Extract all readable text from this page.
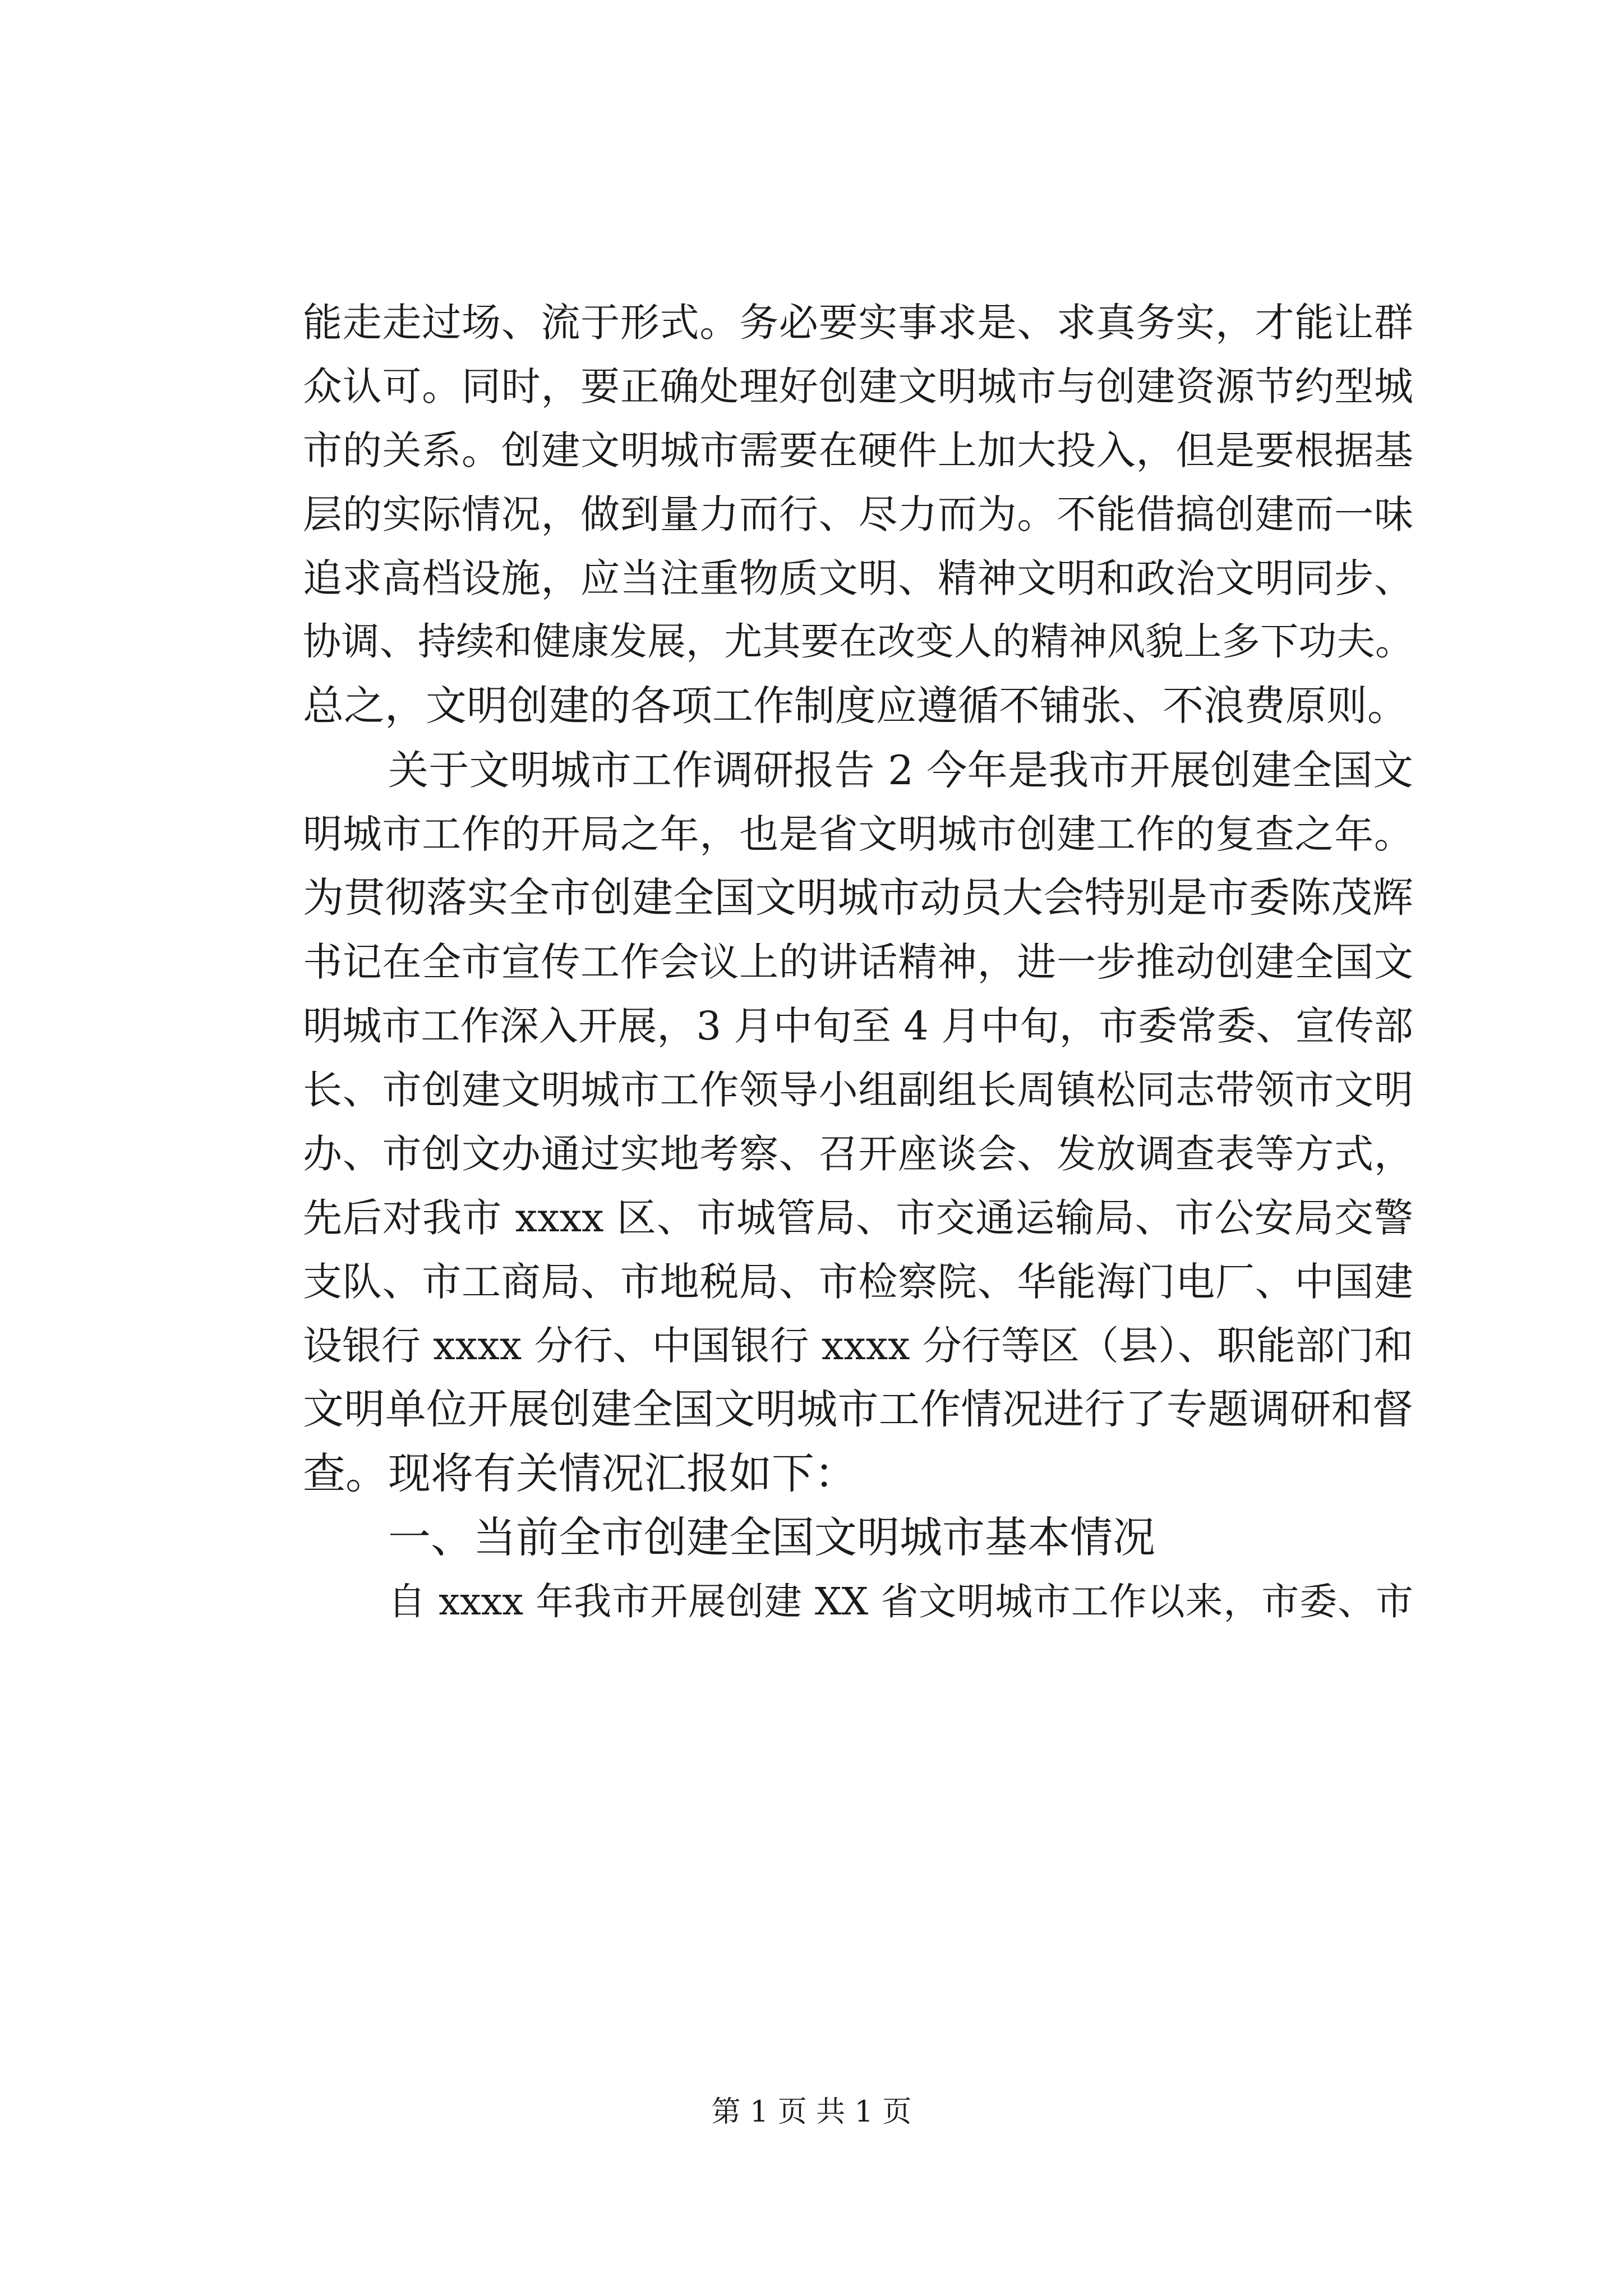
能走走过场、流于形式。务必要实事求是、求真务实，才能让群
众认可。同时，要正确处理好创建文明城市与创建资源节约型城
市的关系。创建文明城市需要在硬件上加大投入，但是要根据基
层的实际情况，做到量力而行、尽力而为。不能借搞创建而一味
追求高档设施，应当注重物质文明、精神文明和政治文明同步、
协调、持续和健康发展，尤其要在改变人的精神风貌上多下功夫。
总之，文明创建的各项工作制度应遵循不铺张、不浪费原则。
关于文明城市工作调研报告 2 今年是我市开展创建全国文
明城市工作的开局之年，也是省文明城市创建工作的复查之年。
为贯彻落实全市创建全国文明城市动员大会特别是市委陈茂辉
书记在全市宣传工作会议上的讲话精神，进一步推动创建全国文
明城市工作深入开展，3 月中旬至 4 月中旬，市委常委、宣传部
长、市创建文明城市工作领导小组副组长周镇松同志带领市文明
办、市创文办通过实地考察、召开座谈会、发放调查表等方式，
先后对我市 xxxx 区、市城管局、市交通运输局、市公安局交警
支队、市工商局、市地税局、市检察院、华能海门电厂、中国建
设银行 xxxx 分行、中国银行 xxxx 分行等区（县）、职能部门和
文明单位开展创建全国文明城市工作情况进行了专题调研和督
查。现将有关情况汇报如下：
一、当前全市创建全国文明城市基本情况
自 xxxx 年我市开展创建 XX 省文明城市工作以来，市委、市
第 1 页 共 1 页
